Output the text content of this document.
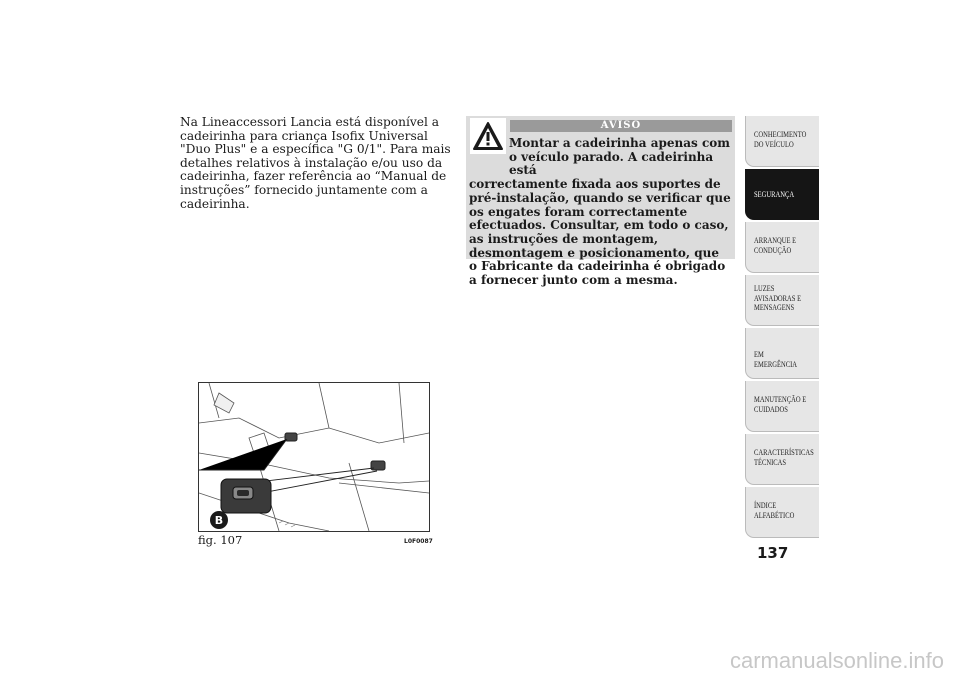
Na Lineaccessori Lancia está disponível a cadeirinha para criança Isofix Universal "Duo Plus" e a específica "G 0/1". Para mais detalhes relativos à instalação e/ou uso da cadeirinha, fazer referência ao “Manual de instruções” fornecido juntamente com a cadeirinha.

AVISO
Montar a cadeirinha apenas com o veículo parado. A cadeirinha está
correctamente fixada aos suportes de pré-instalação, quando se verificar que os engates foram correctamente efectuados. Consultar, em todo o caso, as instruções de montagem, desmontagem e posicionamento, que o Fabricante da cadeirinha é obrigado a fornecer junto com a mesma.
B
fig. 107	L0F0087
CONHECIMENTO
DO VEÍCULO
SEGURANÇA
ARRANQUE E
CONDUÇÃO
LUZES
AVISADORAS E
MENSAGENS
EM EMERGÊNCIA
MANUTENÇÃO E
CUIDADOS
CARACTERÍSTICAS
TÉCNICAS
ÍNDICE
ALFABÉTICO
137
carmanualsonline.info
